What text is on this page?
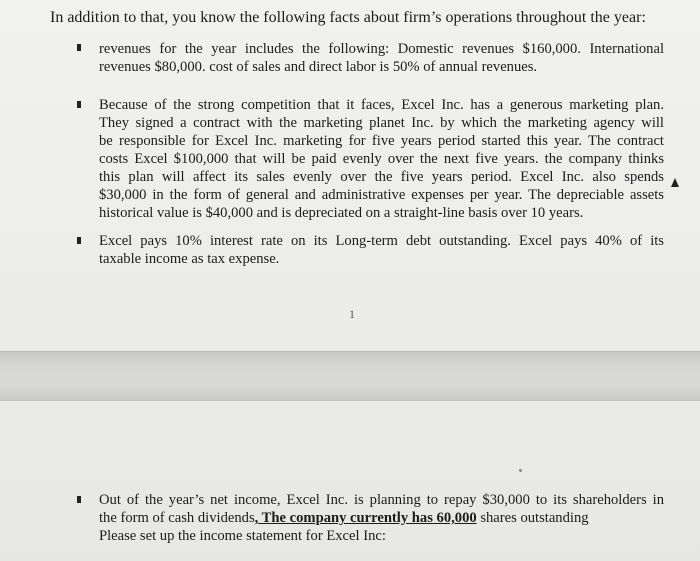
In addition to that, you know the following facts about firm’s operations throughout the year:
revenues for the year includes the following: Domestic revenues $160,000. International
revenues $80,000. cost of sales and direct labor is 50% of annual revenues.
Because of the strong competition that it faces, Excel Inc. has a generous marketing plan.
They signed a contract with the marketing planet Inc. by which the marketing agency will
be responsible for Excel Inc. marketing for five years period started this year. The contract
costs Excel $100,000 that will be paid evenly over the next five years. the company thinks
this plan will affect its sales evenly over the five years period. Excel Inc. also spends
$30,000 in the form of general and administrative expenses per year. The depreciable assets
historical value is $40,000 and is depreciated on a straight-line basis over 10 years.
Excel pays 10% interest rate on its Long-term debt outstanding. Excel pays 40% of its
taxable income as tax expense.
1
Out of the year’s net income, Excel Inc. is planning to repay $30,000 to its shareholders in
the form of cash dividends, The company currently has 60,000 shares outstanding
Please set up the income statement for Excel Inc:
